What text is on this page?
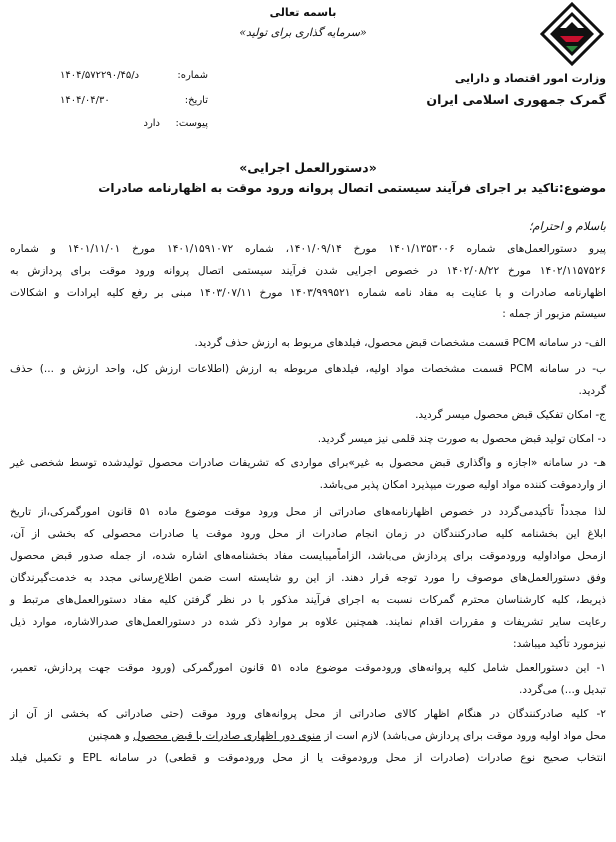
باسمه تعالی
«سرمایه گذاری برای تولید»
وزارت امور اقتصاد و دارایی
گمرک جمهوری اسلامی ایران
شماره:
۱۴۰۴/۵۷۲۲۹۰/د/۴۵
تاریخ:
۱۴۰۴/۰۴/۳۰
پیوست:
دارد
«دستورالعمل اجرایی»
موضوع:تاکید بر اجرای فرآیند سیستمی اتصال پروانه ورود موقت به اظهارنامه صادرات
باسلام و احترام؛
پیرو دستورالعمل‌های شماره ۱۴۰۱/۱۳۵۳۰۰۶ مورخ ۱۴۰۱/۰۹/۱۴، شماره ۱۴۰۱/۱۵۹۱۰۷۲ مورخ ۱۴۰۱/۱۱/۰۱ و شماره
۱۴۰۲/۱۱۵۷۵۲۶ مورخ ۱۴۰۲/۰۸/۲۲ در خصوص اجرایی شدن فرآیند سیستمی اتصال پروانه ورود موقت برای پردازش به
اظهارنامه صادرات و با عنایت به مفاد نامه شماره ۱۴۰۳/۹۹۹۵۲۱ مورخ ۱۴۰۳/۰۷/۱۱ مبنی بر رفع کلیه ایرادات و اشکالات
سیستم مزبور از جمله :
الف- در سامانه PCM قسمت مشخصات قبض محصول، فیلدهای مربوط به ارزش حذف گردید.
ب- در سامانه PCM قسمت مشخصات مواد اولیه، فیلدهای مربوطه به ارزش (اطلاعات ارزش کل، واحد ارزش و ...) حذف
گردید.
ج- امکان تفکیک قبض محصول میسر گردید.
د- امکان تولید قبض محصول به صورت چند قلمی نیز میسر گردید.
هـ- در سامانه «اجازه و واگذاری قبض محصول به غیر»برای مواردی که تشریفات صادرات محصول تولیدشده توسط شخصی غیر
از واردموقت کننده مواد اولیه صورت میپذیرد امکان پذیر می‌باشد.
لذا مجدداً تأکیدمی‌گردد در خصوص اظهارنامه‌های صادراتی از محل ورود موقت موضوع ماده ۵۱ قانون امورگمرکی،از تاریخ
ابلاغ این بخشنامه کلیه صادرکنندگان در زمان انجام صادرات از محل ورود موقت یا صادرات محصولی که بخشی از آن،
ازمحل مواداولیه ورودموقت برای پردازش می‌باشد، الزاماًمیبایست مفاد بخشنامه‌های اشاره شده، از جمله صدور قبض محصول
وفق دستورالعمل‌های موصوف را مورد توجه قرار دهند. از این رو شایسته است ضمن اطلاع‌رسانی مجدد به خدمت‌گیرندگان
ذیربط، کلیه کارشناسان محترم گمرکات نسبت به اجرای فرآیند مذکور با در نظر گرفتن کلیه مفاد دستورالعمل‌های مرتبط و
رعایت سایر تشریفات و مقررات اقدام نمایند. همچنین علاوه بر موارد ذکر شده در دستورالعمل‌های صدرالاشاره، موارد ذیل
نیزمورد تأکید میباشد:
۱- این دستورالعمل شامل کلیه پروانه‌های ورودموقت موضوع ماده ۵۱ قانون امورگمرکی (ورود موقت جهت پردازش، تعمیر،
تبدیل و...) می‌گردد.
۲- کلیه صادرکنندگان در هنگام اظهار کالای صادراتی از محل پروانه‌های ورود موقت (حتی صادراتی که بخشی از آن از
محل مواد اولیه ورود موقت برای پردازش می‌باشد) لازم است از منوی دور اظهاری صادرات با قبض محصول و همچنین
انتخاب صحیح نوع صادرات (صادرات از محل ورودموقت یا از محل ورودموقت و قطعی) در سامانه EPL و تکمیل فیلد
